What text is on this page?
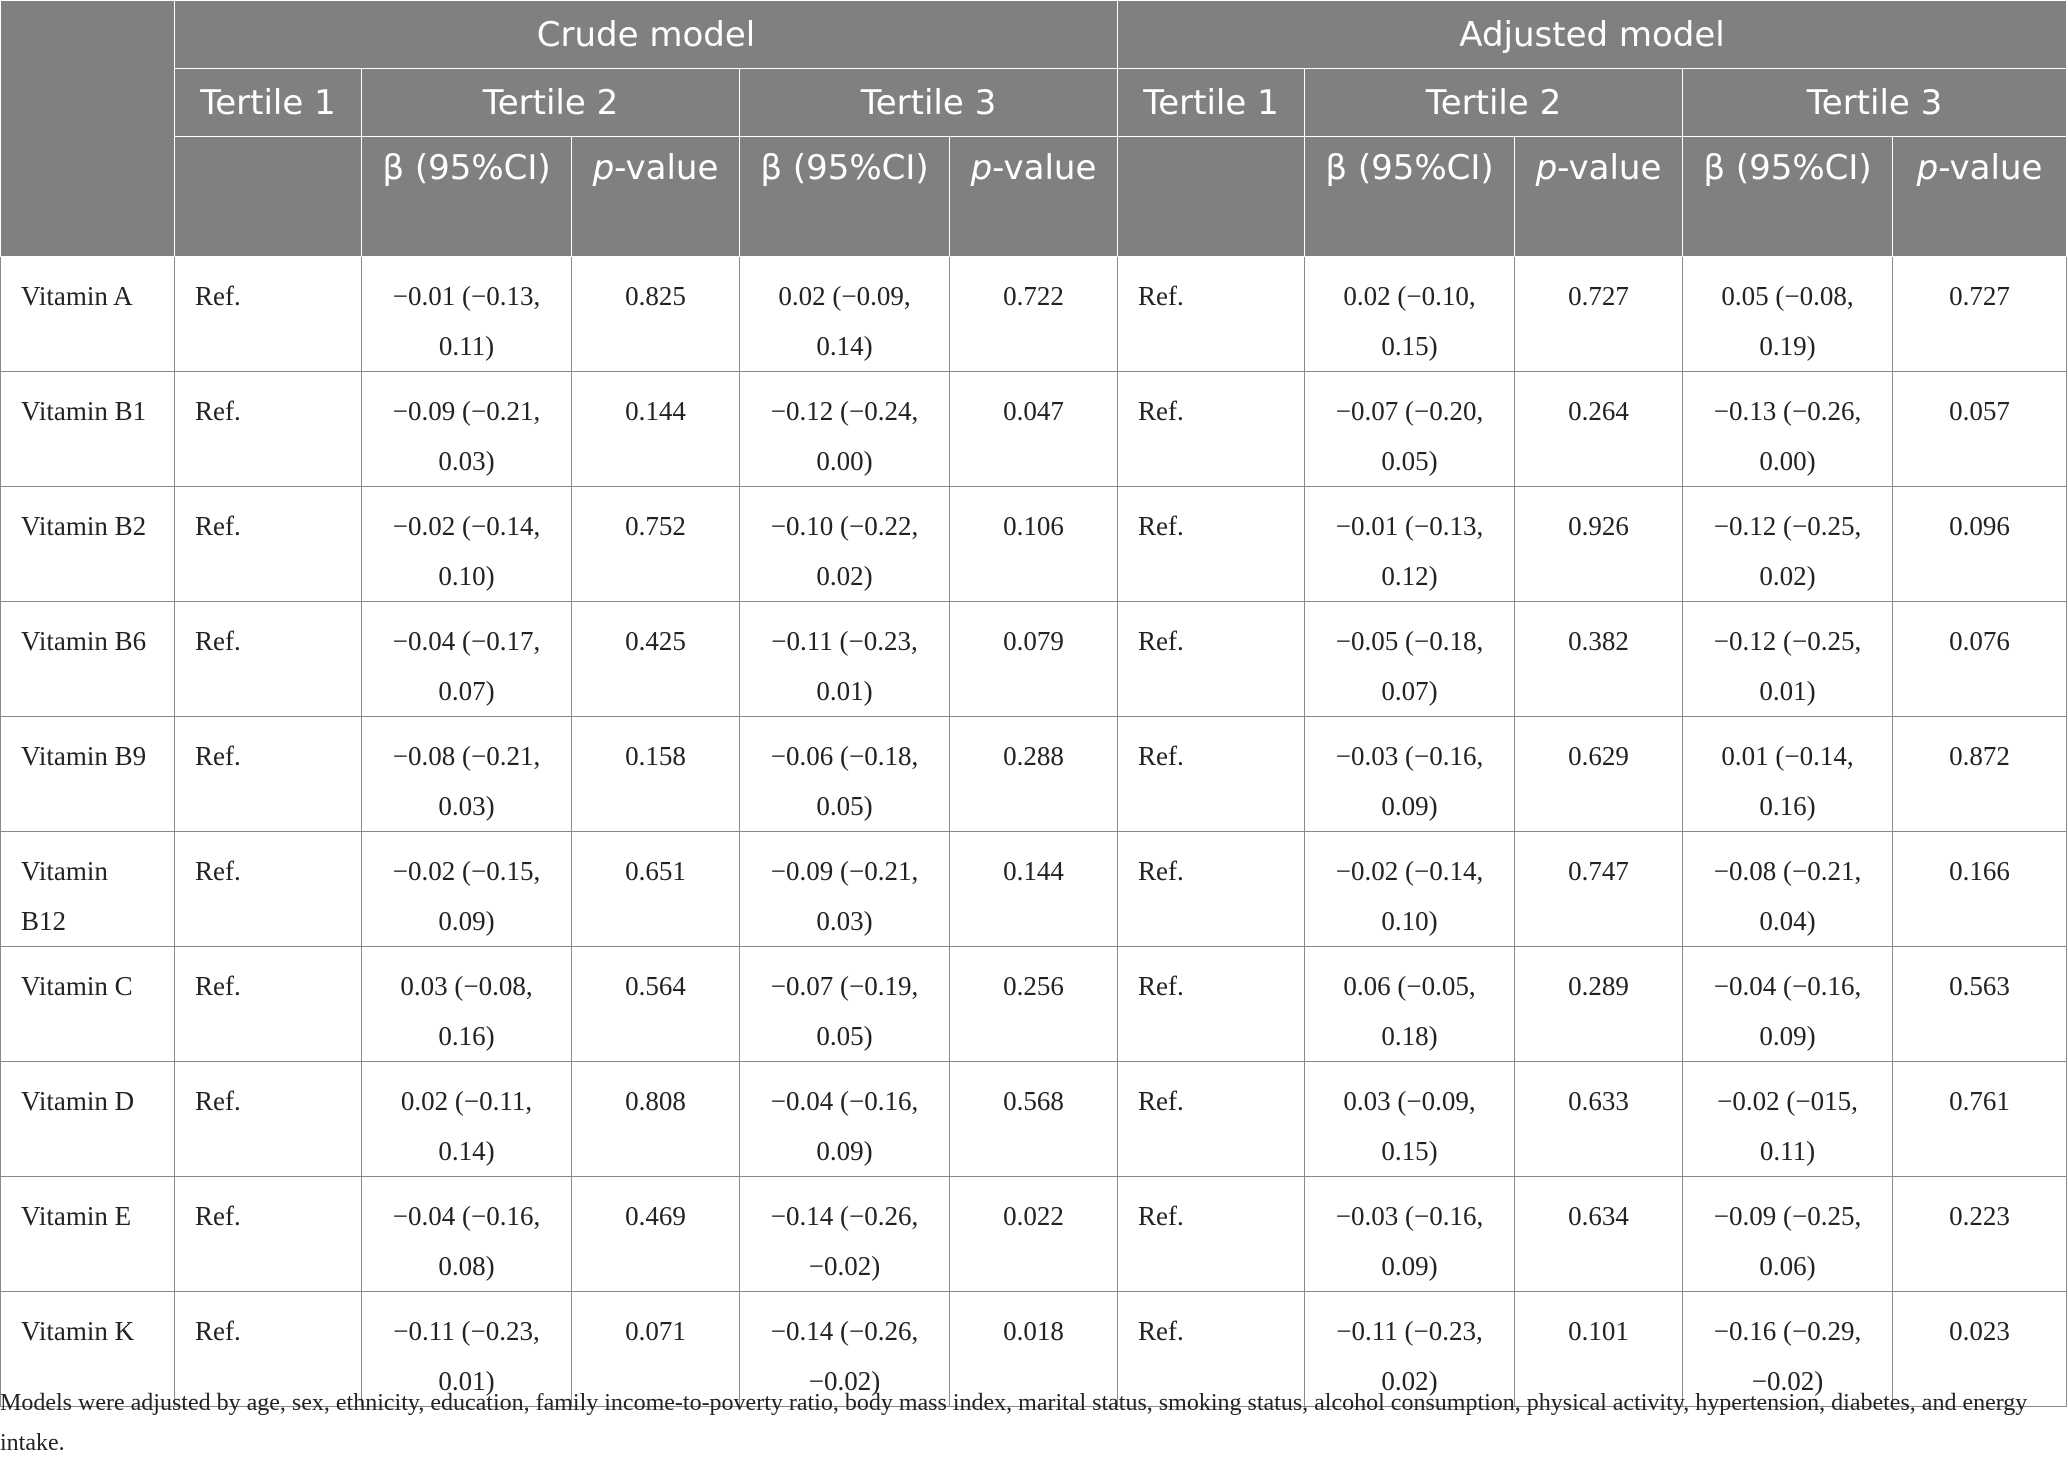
	Crude model					Adjusted model				
	Tertile 1	Tertile 2		Tertile 3		Tertile 1	Tertile 2		Tertile 3	
		β (95%CI)	p-value	β (95%CI)	p-value		β (95%CI)	p-value	β (95%CI)	p-value
Vitamin A	Ref.	−0.01 (−0.13, 0.11)	0.825	0.02 (−0.09, 0.14)	0.722	Ref.	0.02 (−0.10, 0.15)	0.727	0.05 (−0.08, 0.19)	0.727
Vitamin B1	Ref.	−0.09 (−0.21, 0.03)	0.144	−0.12 (−0.24, 0.00)	0.047	Ref.	−0.07 (−0.20, 0.05)	0.264	−0.13 (−0.26, 0.00)	0.057
Vitamin B2	Ref.	−0.02 (−0.14, 0.10)	0.752	−0.10 (−0.22, 0.02)	0.106	Ref.	−0.01 (−0.13, 0.12)	0.926	−0.12 (−0.25, 0.02)	0.096
Vitamin B6	Ref.	−0.04 (−0.17, 0.07)	0.425	−0.11 (−0.23, 0.01)	0.079	Ref.	−0.05 (−0.18, 0.07)	0.382	−0.12 (−0.25, 0.01)	0.076
Vitamin B9	Ref.	−0.08 (−0.21, 0.03)	0.158	−0.06 (−0.18, 0.05)	0.288	Ref.	−0.03 (−0.16, 0.09)	0.629	0.01 (−0.14, 0.16)	0.872
Vitamin B12	Ref.	−0.02 (−0.15, 0.09)	0.651	−0.09 (−0.21, 0.03)	0.144	Ref.	−0.02 (−0.14, 0.10)	0.747	−0.08 (−0.21, 0.04)	0.166
Vitamin C	Ref.	0.03 (−0.08, 0.16)	0.564	−0.07 (−0.19, 0.05)	0.256	Ref.	0.06 (−0.05, 0.18)	0.289	−0.04 (−0.16, 0.09)	0.563
Vitamin D	Ref.	0.02 (−0.11, 0.14)	0.808	−0.04 (−0.16, 0.09)	0.568	Ref.	0.03 (−0.09, 0.15)	0.633	−0.02 (−015, 0.11)	0.761
Vitamin E	Ref.	−0.04 (−0.16, 0.08)	0.469	−0.14 (−0.26, −0.02)	0.022	Ref.	−0.03 (−0.16, 0.09)	0.634	−0.09 (−0.25, 0.06)	0.223
Vitamin K	Ref.	−0.11 (−0.23, 0.01)	0.071	−0.14 (−0.26, −0.02)	0.018	Ref.	−0.11 (−0.23, 0.02)	0.101	−0.16 (−0.29, −0.02)	0.023
Models were adjusted by age, sex, ethnicity, education, family income-to-poverty ratio, body mass index, marital status, smoking status, alcohol consumption, physical activity, hypertension, diabetes, and energy intake.
